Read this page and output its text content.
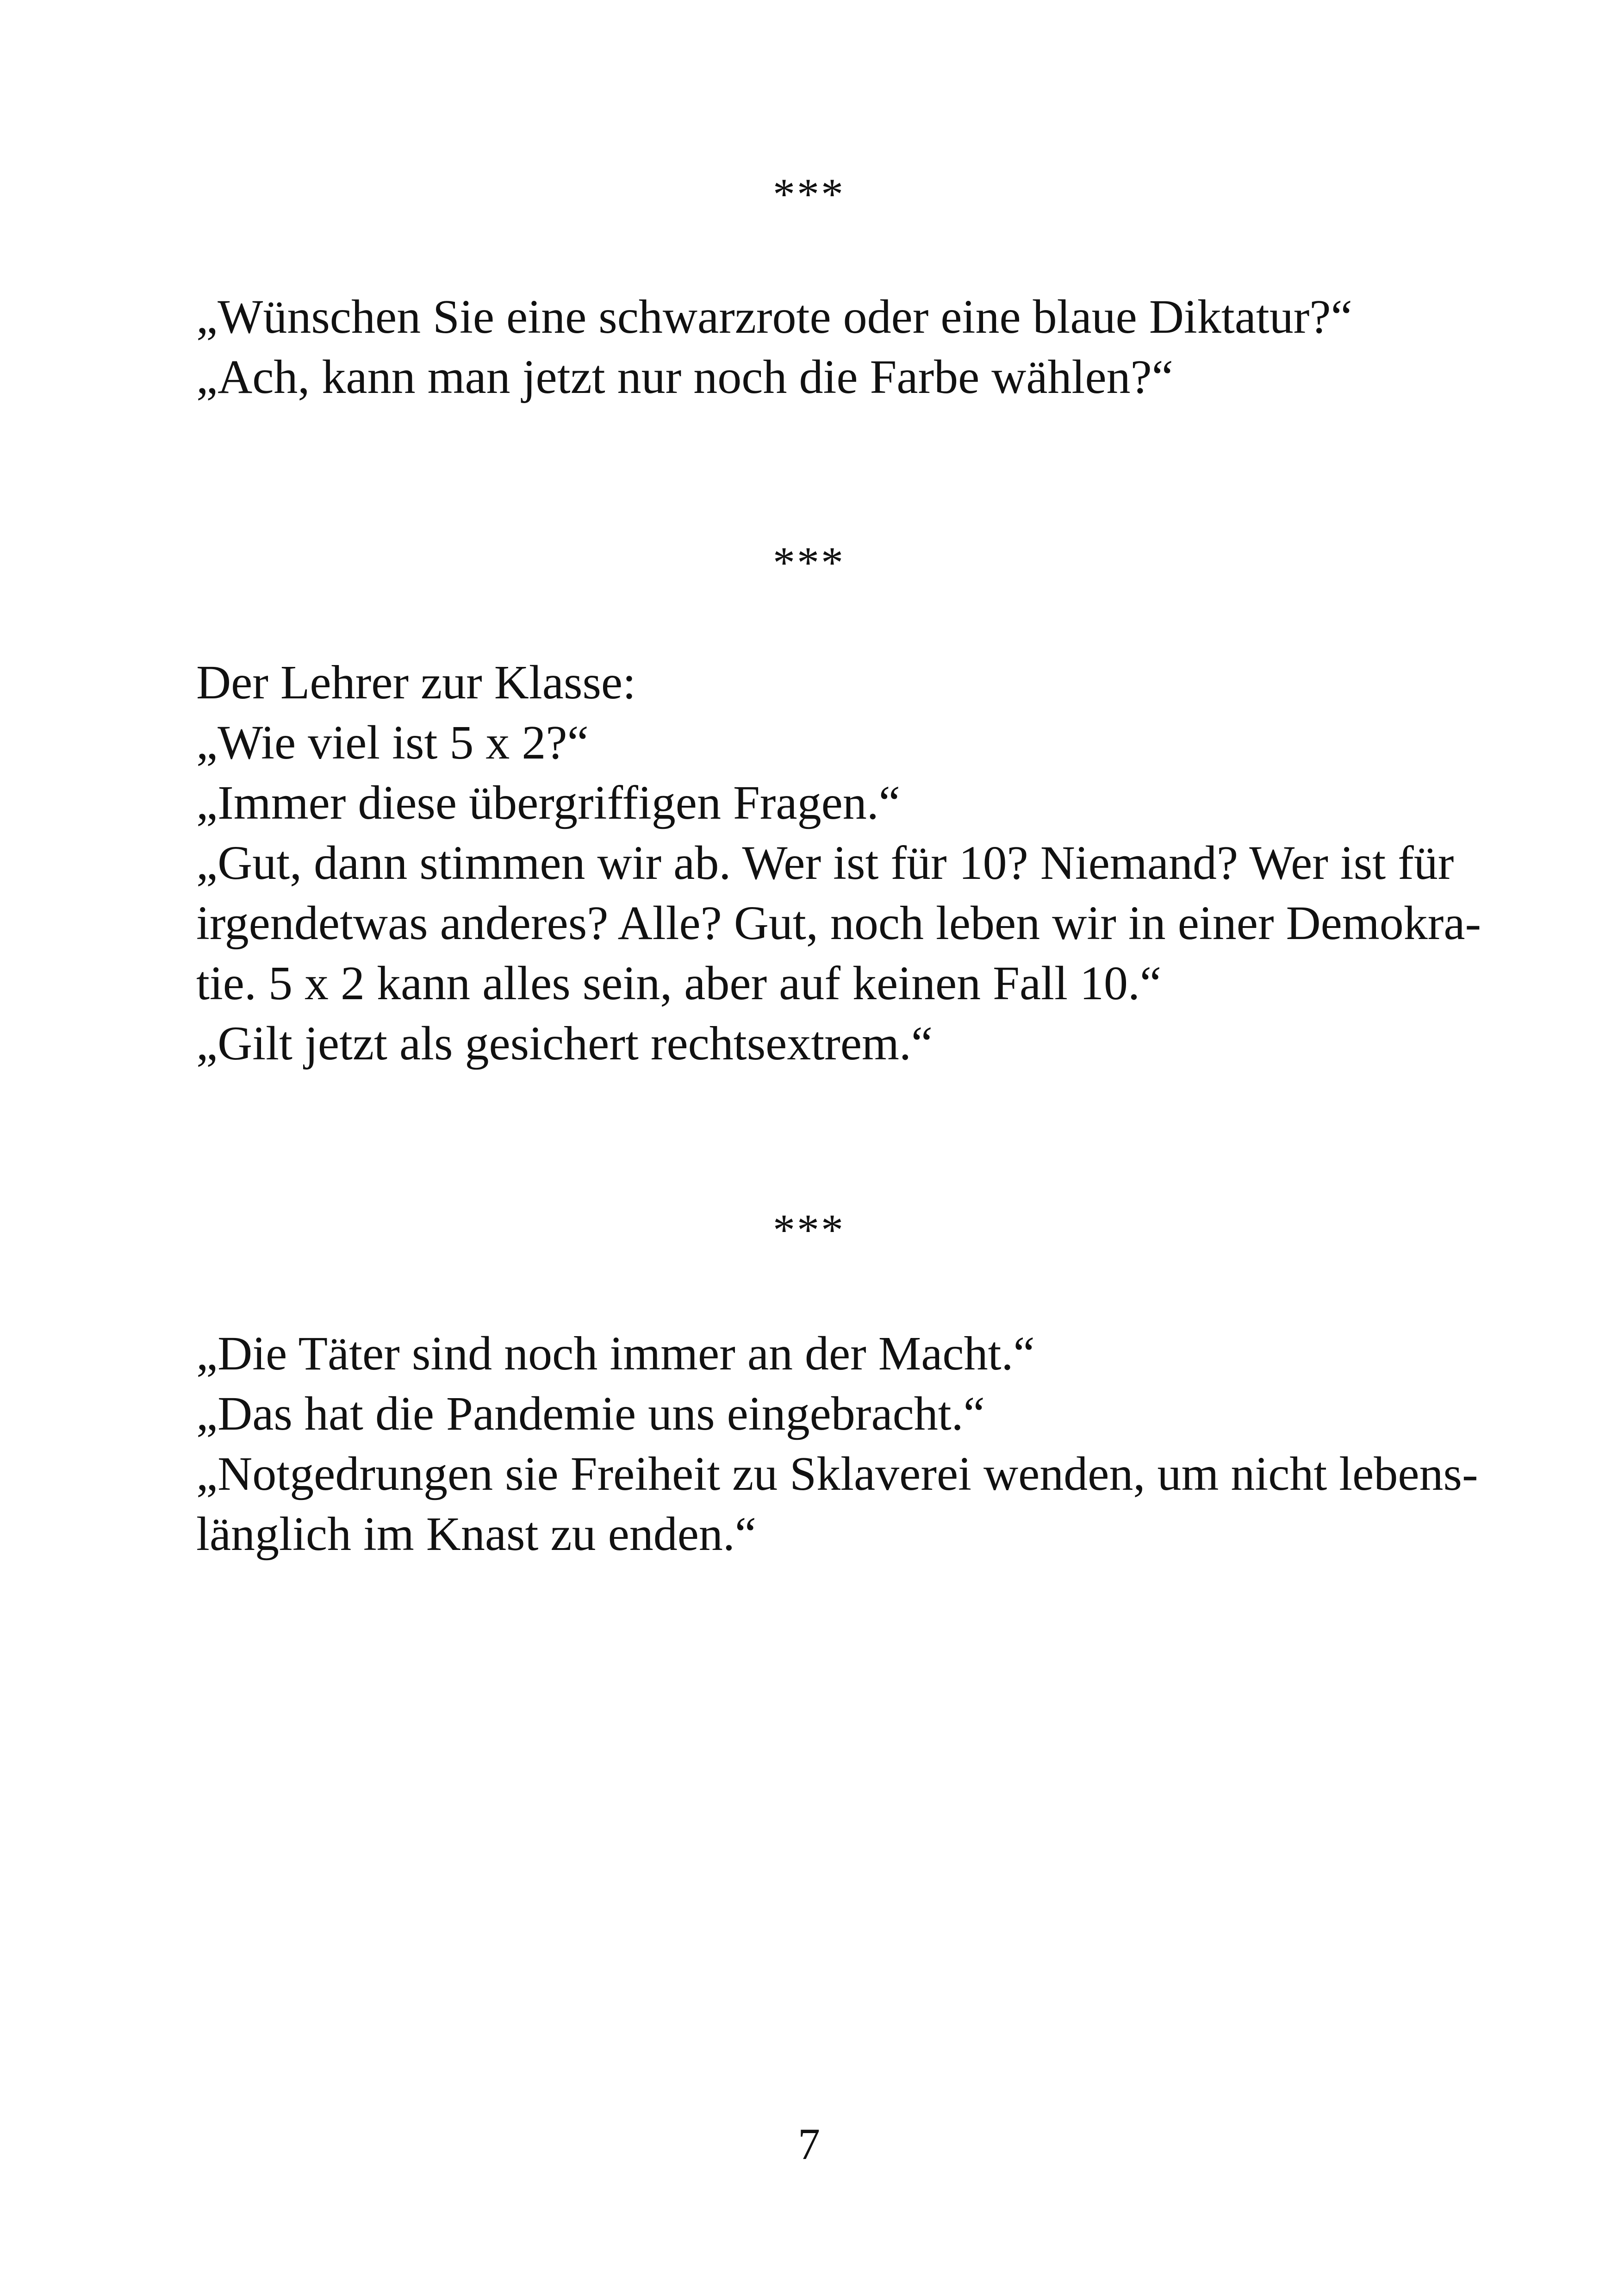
***
„Wünschen Sie eine schwarzrote oder eine blaue Diktatur?“
„Ach, kann man jetzt nur noch die Farbe wählen?“
***
Der Lehrer zur Klasse:
„Wie viel ist 5 x 2?“
„Immer diese übergriffigen Fragen.“
„Gut, dann stimmen wir ab. Wer ist für 10? Niemand? Wer ist für
irgendetwas anderes? Alle? Gut, noch leben wir in einer Demokra-
tie. 5 x 2 kann alles sein, aber auf keinen Fall 10.“
„Gilt jetzt als gesichert rechtsextrem.“
***
„Die Täter sind noch immer an der Macht.“
„Das hat die Pandemie uns eingebracht.“
„Notgedrungen sie Freiheit zu Sklaverei wenden, um nicht lebens-
länglich im Knast zu enden.“
7
